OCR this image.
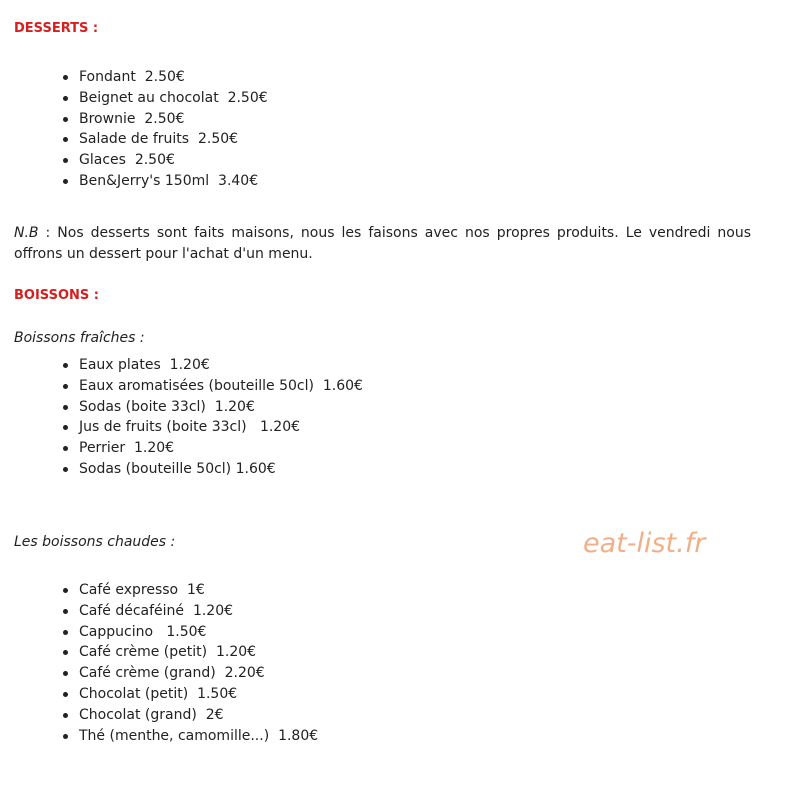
DESSERTS :
Fondant  2.50€
Beignet au chocolat  2.50€
Brownie  2.50€
Salade de fruits  2.50€
Glaces  2.50€
Ben&Jerry's 150ml  3.40€

N.B : Nos desserts sont faits maisons, nous les faisons avec nos propres produits. Le vendredi nous offrons un dessert pour l'achat d'un menu.

BOISSONS :

Boissons fraîches :

Eaux plates  1.20€
Eaux aromatisées (bouteille 50cl)  1.60€
Sodas (boite 33cl)  1.20€
Jus de fruits (boite 33cl)   1.20€
Perrier  1.20€
Sodas (bouteille 50cl) 1.60€

Les boissons chaudes :	eat-list.fr
Café expresso  1€
Café décaféiné  1.20€
Cappucino   1.50€
Café crème (petit)  1.20€
Café crème (grand)  2.20€
Chocolat (petit)  1.50€
Chocolat (grand)  2€
Thé (menthe, camomille...)  1.80€
